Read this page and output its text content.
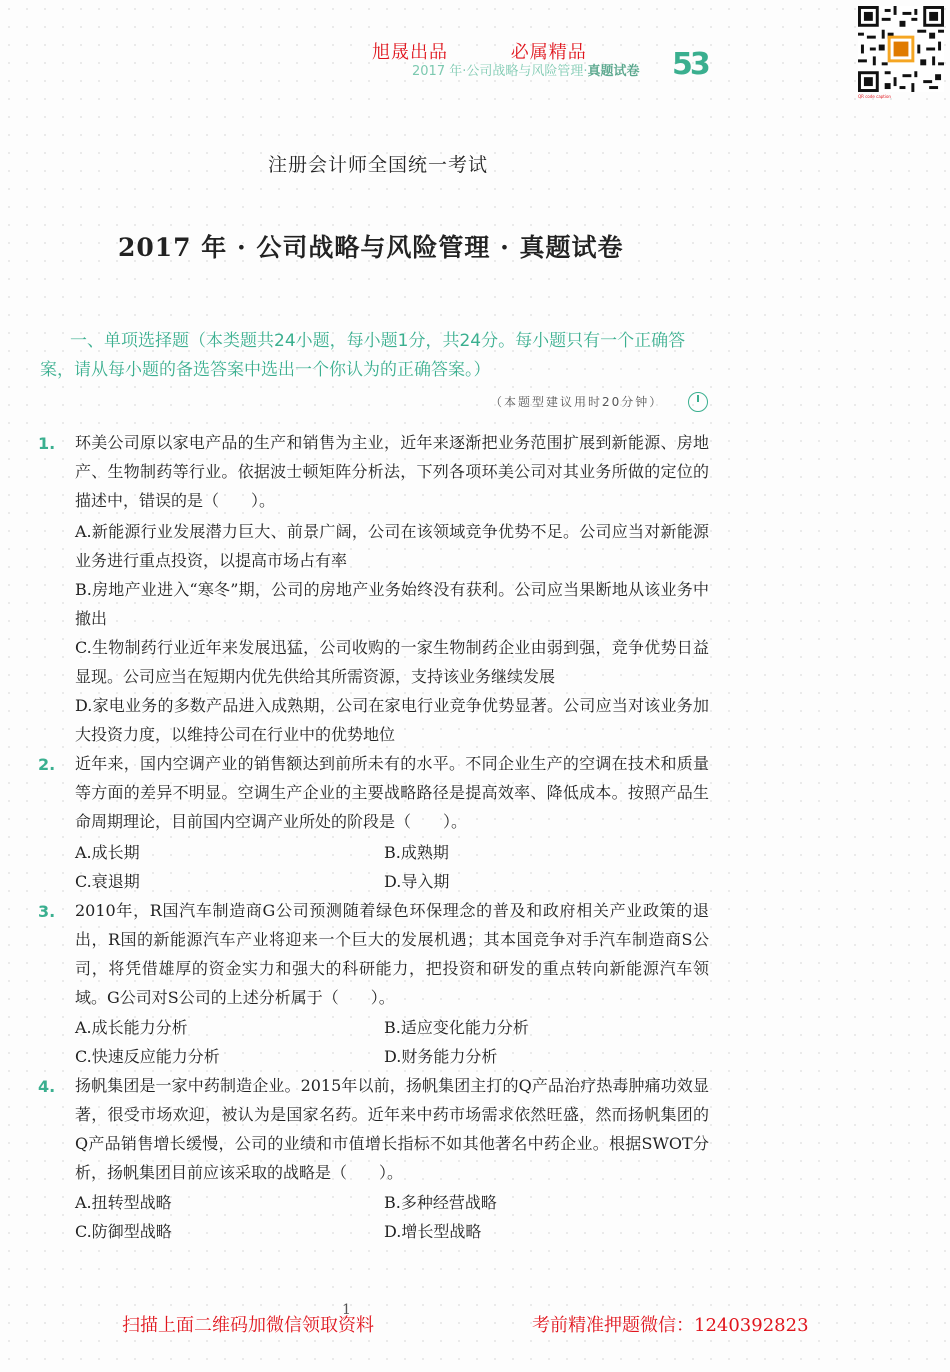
旭晟出品	必属精品
2017 年·公司战略与风险管理·真题试卷 53
QR code caption
注册会计师全国统一考试
2017 年 · 公司战略与风险管理 · 真题试卷
一、单项选择题（本类题共24小题，每小题1分，共24分。每小题只有一个正确答案，请从每小题的备选答案中选出一个你认为的正确答案。）
（本题型建议用时20分钟）
1. 环美公司原以家电产品的生产和销售为主业，近年来逐渐把业务范围扩展到新能源、房地产、生物制药等行业。依据波士顿矩阵分析法，下列各项环美公司对其业务所做的定位的描述中，错误的是（　　）。
A.新能源行业发展潜力巨大、前景广阔，公司在该领域竞争优势不足。公司应当对新能源业务进行重点投资，以提高市场占有率
B.房地产业进入“寒冬”期，公司的房地产业务始终没有获利。公司应当果断地从该业务中撤出
C.生物制药行业近年来发展迅猛，公司收购的一家生物制药企业由弱到强，竞争优势日益显现。公司应当在短期内优先供给其所需资源，支持该业务继续发展
D.家电业务的多数产品进入成熟期，公司在家电行业竞争优势显著。公司应当对该业务加大投资力度，以维持公司在行业中的优势地位
2. 近年来，国内空调产业的销售额达到前所未有的水平。不同企业生产的空调在技术和质量等方面的差异不明显。空调生产企业的主要战略路径是提高效率、降低成本。按照产品生命周期理论，目前国内空调产业所处的阶段是（　　）。
A.成长期	B.成熟期
C.衰退期	D.导入期
3. 2010年，R国汽车制造商G公司预测随着绿色环保理念的普及和政府相关产业政策的退出，R国的新能源汽车产业将迎来一个巨大的发展机遇；其本国竞争对手汽车制造商S公司，将凭借雄厚的资金实力和强大的科研能力，把投资和研发的重点转向新能源汽车领域。G公司对S公司的上述分析属于（　　）。
A.成长能力分析	B.适应变化能力分析
C.快速反应能力分析	D.财务能力分析
4. 扬帆集团是一家中药制造企业。2015年以前，扬帆集团主打的Q产品治疗热毒肿痛功效显著，很受市场欢迎，被认为是国家名药。近年来中药市场需求依然旺盛，然而扬帆集团的Q产品销售增长缓慢，公司的业绩和市值增长指标不如其他著名中药企业。根据SWOT分析，扬帆集团目前应该采取的战略是（　　）。
A.扭转型战略	B.多种经营战略
C.防御型战略	D.增长型战略
1
扫描上面二维码加微信领取资料	考前精准押题微信：1240392823
